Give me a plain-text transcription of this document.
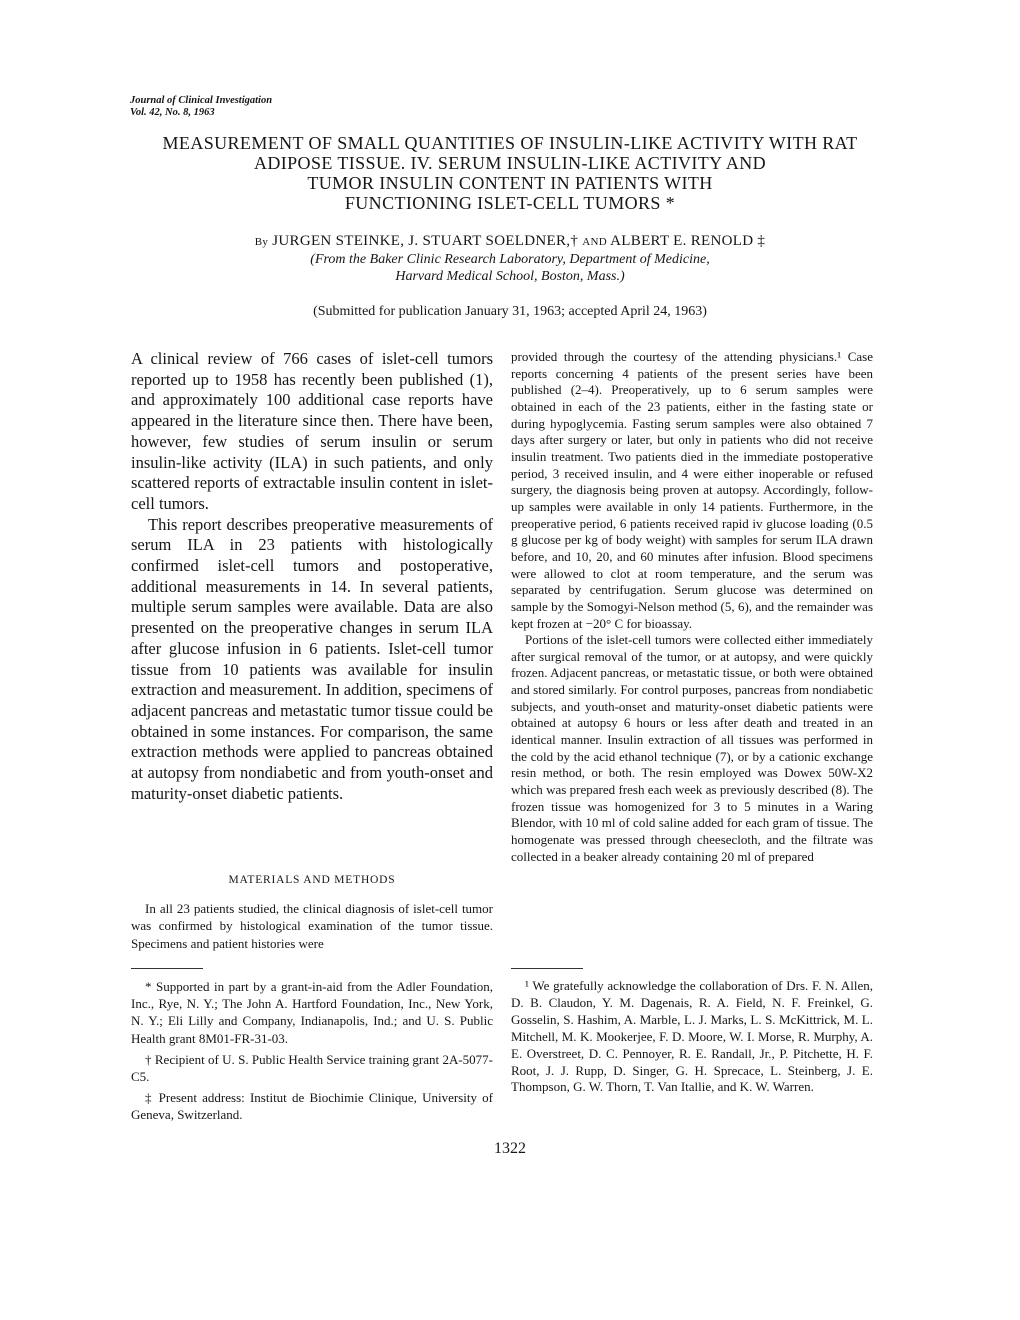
Journal of Clinical Investigation
Vol. 42, No. 8, 1963
MEASUREMENT OF SMALL QUANTITIES OF INSULIN-LIKE ACTIVITY WITH RAT
ADIPOSE TISSUE. IV. SERUM INSULIN-LIKE ACTIVITY AND
TUMOR INSULIN CONTENT IN PATIENTS WITH
FUNCTIONING ISLET-CELL TUMORS *
By JURGEN STEINKE, J. STUART SOELDNER,† AND ALBERT E. RENOLD ‡
(From the Baker Clinic Research Laboratory, Department of Medicine,
Harvard Medical School, Boston, Mass.)
(Submitted for publication January 31, 1963; accepted April 24, 1963)

A clinical review of 766 cases of islet-cell tumors reported up to 1958 has recently been published (1), and approximately 100 additional case reports have appeared in the literature since then. There have been, however, few studies of serum insulin or serum insulin-like activity (ILA) in such patients, and only scattered reports of extractable insulin content in islet-cell tumors.

This report describes preoperative measurements of serum ILA in 23 patients with histologically confirmed islet-cell tumors and postoperative, additional measurements in 14. In several patients, multiple serum samples were available. Data are also presented on the preoperative changes in serum ILA after glucose infusion in 6 patients. Islet-cell tumor tissue from 10 patients was available for insulin extraction and measurement. In addition, specimens of adjacent pancreas and metastatic tumor tissue could be obtained in some instances. For comparison, the same extraction methods were applied to pancreas obtained at autopsy from nondiabetic and from youth-onset and maturity-onset diabetic patients.

MATERIALS AND METHODS
In all 23 patients studied, the clinical diagnosis of islet-cell tumor was confirmed by histological examination of the tumor tissue. Specimens and patient histories were

* Supported in part by a grant-in-aid from the Adler Foundation, Inc., Rye, N. Y.; The John A. Hartford Foundation, Inc., New York, N. Y.; Eli Lilly and Company, Indianapolis, Ind.; and U. S. Public Health grant 8M01-FR-31-03.

† Recipient of U. S. Public Health Service training grant 2A-5077-C5.

‡ Present address: Institut de Biochimie Clinique, University of Geneva, Switzerland.

provided through the courtesy of the attending physicians.¹ Case reports concerning 4 patients of the present series have been published (2–4). Preoperatively, up to 6 serum samples were obtained in each of the 23 patients, either in the fasting state or during hypoglycemia. Fasting serum samples were also obtained 7 days after surgery or later, but only in patients who did not receive insulin treatment. Two patients died in the immediate postoperative period, 3 received insulin, and 4 were either inoperable or refused surgery, the diagnosis being proven at autopsy. Accordingly, follow-up samples were available in only 14 patients. Furthermore, in the preoperative period, 6 patients received rapid iv glucose loading (0.5 g glucose per kg of body weight) with samples for serum ILA drawn before, and 10, 20, and 60 minutes after infusion. Blood specimens were allowed to clot at room temperature, and the serum was separated by centrifugation. Serum glucose was determined on sample by the Somogyi-Nelson method (5, 6), and the remainder was kept frozen at −20° C for bioassay.

Portions of the islet-cell tumors were collected either immediately after surgical removal of the tumor, or at autopsy, and were quickly frozen. Adjacent pancreas, or metastatic tissue, or both were obtained and stored similarly. For control purposes, pancreas from nondiabetic subjects, and youth-onset and maturity-onset diabetic patients were obtained at autopsy 6 hours or less after death and treated in an identical manner. Insulin extraction of all tissues was performed in the cold by the acid ethanol technique (7), or by a cationic exchange resin method, or both. The resin employed was Dowex 50W-X2 which was prepared fresh each week as previously described (8). The frozen tissue was homogenized for 3 to 5 minutes in a Waring Blendor, with 10 ml of cold saline added for each gram of tissue. The homogenate was pressed through cheesecloth, and the filtrate was collected in a beaker already containing 20 ml of prepared

¹ We gratefully acknowledge the collaboration of Drs. F. N. Allen, D. B. Claudon, Y. M. Dagenais, R. A. Field, N. F. Freinkel, G. Gosselin, S. Hashim, A. Marble, L. J. Marks, L. S. McKittrick, M. L. Mitchell, M. K. Mookerjee, F. D. Moore, W. I. Morse, R. Murphy, A. E. Overstreet, D. C. Pennoyer, R. E. Randall, Jr., P. Pitchette, H. F. Root, J. J. Rupp, D. Singer, G. H. Sprecace, L. Steinberg, J. E. Thompson, G. W. Thorn, T. Van Itallie, and K. W. Warren.
1322
